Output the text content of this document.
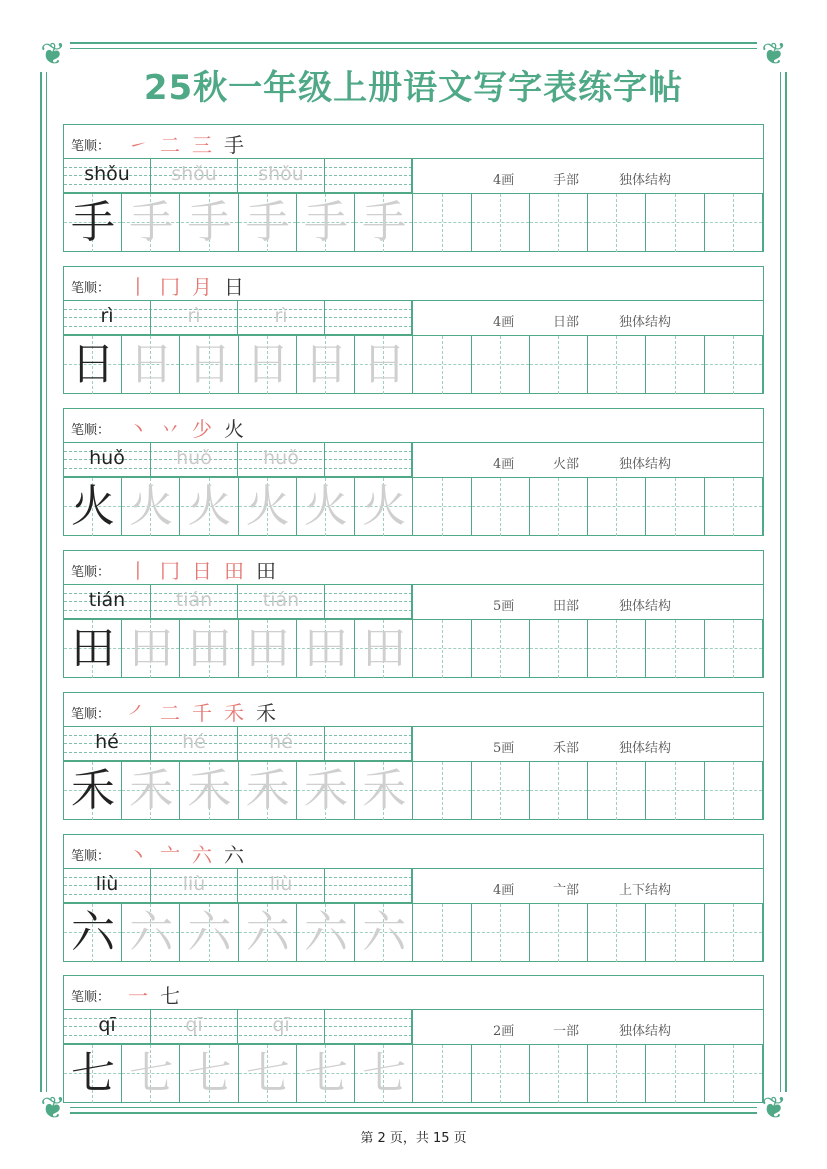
❦	❦
❦	❦
25秋一年级上册语文写字表练字帖
笔顺： ㇀ 二 三 手
shǒu	shǒu	shǒu	4画	手部	独体结构
手 手 手 手 手 手
笔顺： 丨 冂 月 日
rì	rì	rì	4画	日部	独体结构
日 日 日 日 日 日
笔顺： 丶 丷 少 火
huǒ	huǒ	huǒ	4画	火部	独体结构
火 火 火 火 火 火
笔顺： 丨 冂 日 田 田
tián	tián	tián	5画	田部	独体结构
田 田 田 田 田 田
笔顺： ㇒ 二 千 禾 禾
hé	hé	hé	5画	禾部	独体结构
禾 禾 禾 禾 禾 禾
笔顺： 丶 亠 六 六
liù	liù	liù	4画	亠部	上下结构
六 六 六 六 六 六
笔顺： 一 七
qī	qī	qī	2画	一部	独体结构
七 七 七 七 七 七
第 2 页，共 15 页
